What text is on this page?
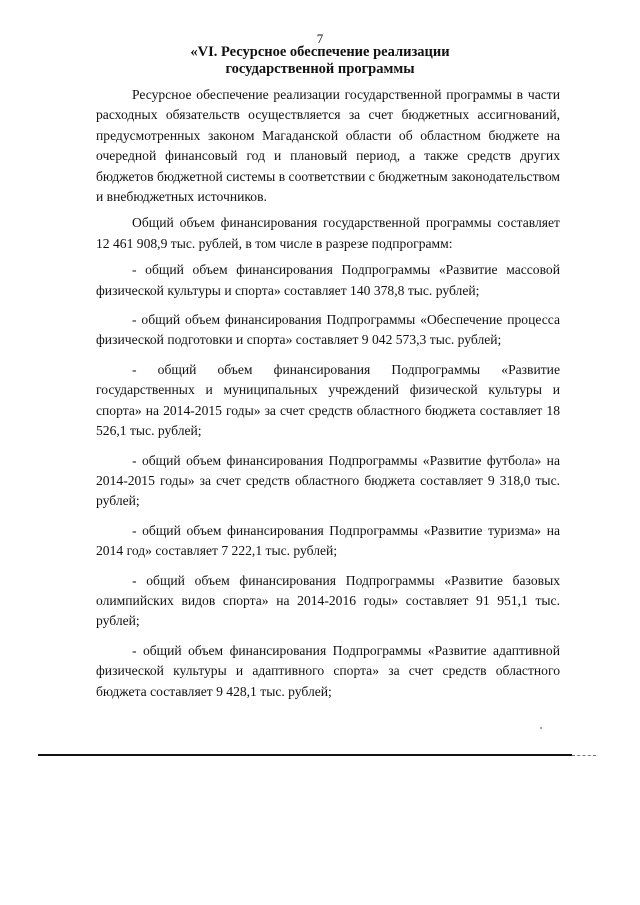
7
«VI. Ресурсное обеспечение реализации
государственной программы

Ресурсное обеспечение реализации государственной программы в части расходных обязательств осуществляется за счет бюджетных ассигнований, предусмотренных законом Магаданской области об областном бюджете на очередной финансовый год и плановый период, а также средств других бюджетов бюджетной системы в соответствии с бюджетным законодательством и внебюджетных источников.

Общий объем финансирования государственной программы составляет 12 461 908,9 тыс. рублей, в том числе в разрезе подпрограмм:

- общий объем финансирования Подпрограммы «Развитие массовой физической культуры и спорта» составляет 140 378,8 тыс. рублей;

- общий объем финансирования Подпрограммы «Обеспечение процесса физической подготовки и спорта» составляет 9 042 573,3 тыс. рублей;

- общий объем финансирования Подпрограммы «Развитие государственных и муниципальных учреждений физической культуры и спорта» на 2014-2015 годы» за счет средств областного бюджета составляет 18 526,1 тыс. рублей;

- общий объем финансирования Подпрограммы «Развитие футбола» на 2014-2015 годы» за счет средств областного бюджета составляет 9 318,0 тыс. рублей;

- общий объем финансирования Подпрограммы «Развитие туризма» на 2014 год» составляет 7 222,1 тыс. рублей;

- общий объем финансирования Подпрограммы «Развитие базовых олимпийских видов спорта» на 2014-2016 годы» составляет 91 951,1 тыс. рублей;

- общий объем финансирования Подпрограммы «Развитие адаптивной физической культуры и адаптивного спорта» за счет средств областного бюджета составляет 9 428,1 тыс. рублей;
